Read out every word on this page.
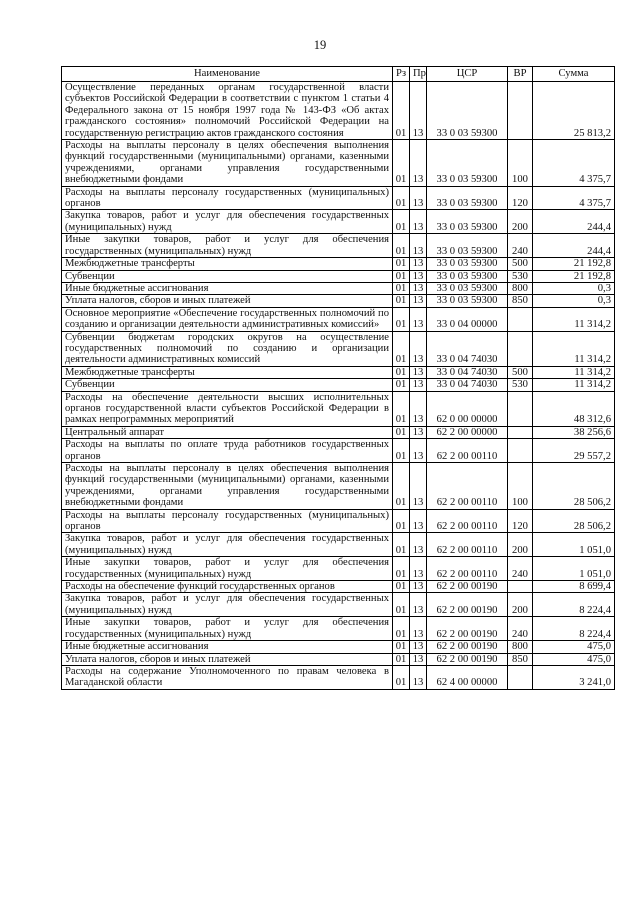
19
Наименование	Рз	Пр	ЦСР	ВР	Сумма
Осуществление переданных органам государственной власти субъектов Российской Федерации в соответствии с пунктом 1 статьи 4 Федерального закона от 15 ноября 1997 года № 143-ФЗ «Об актах гражданского состояния» полномочий Российской Федерации на государственную регистрацию актов гражданского состояния	01	13	33 0 03 59300		25 813,2
Расходы на выплаты персоналу в целях обеспечения выполнения функций государственными (муниципальными) органами, казенными учреждениями, органами управления государственными внебюджетными фондами	01	13	33 0 03 59300	100	4 375,7
Расходы на выплаты персоналу государственных (муниципальных) органов	01	13	33 0 03 59300	120	4 375,7
Закупка товаров, работ и услуг для обеспечения государственных (муниципальных) нужд	01	13	33 0 03 59300	200	244,4
Иные закупки товаров, работ и услуг для обеспечения государственных (муниципальных) нужд	01	13	33 0 03 59300	240	244,4
Межбюджетные трансферты	01	13	33 0 03 59300	500	21 192,8
Субвенции	01	13	33 0 03 59300	530	21 192,8
Иные бюджетные ассигнования	01	13	33 0 03 59300	800	0,3
Уплата налогов, сборов и иных платежей	01	13	33 0 03 59300	850	0,3
Основное мероприятие «Обеспечение государственных полномочий по созданию и организации деятельности административных комиссий»	01	13	33 0 04 00000		11 314,2
Субвенции бюджетам городских округов на осуществление государственных полномочий по созданию и организации деятельности административных комиссий	01	13	33 0 04 74030		11 314,2
Межбюджетные трансферты	01	13	33 0 04 74030	500	11 314,2
Субвенции	01	13	33 0 04 74030	530	11 314,2
Расходы на обеспечение деятельности высших исполнительных органов государственной власти субъектов Российской Федерации в рамках непрограммных мероприятий	01	13	62 0 00 00000		48 312,6
Центральный аппарат	01	13	62 2 00 00000		38 256,6
Расходы на выплаты по оплате труда работников государственных органов	01	13	62 2 00 00110		29 557,2
Расходы на выплаты персоналу в целях обеспечения выполнения функций государственными (муниципальными) органами, казенными учреждениями, органами управления государственными внебюджетными фондами	01	13	62 2 00 00110	100	28 506,2
Расходы на выплаты персоналу государственных (муниципальных) органов	01	13	62 2 00 00110	120	28 506,2
Закупка товаров, работ и услуг для обеспечения государственных (муниципальных) нужд	01	13	62 2 00 00110	200	1 051,0
Иные закупки товаров, работ и услуг для обеспечения государственных (муниципальных) нужд	01	13	62 2 00 00110	240	1 051,0
Расходы на обеспечение функций государственных органов	01	13	62 2 00 00190		8 699,4
Закупка товаров, работ и услуг для обеспечения государственных (муниципальных) нужд	01	13	62 2 00 00190	200	8 224,4
Иные закупки товаров, работ и услуг для обеспечения государственных (муниципальных) нужд	01	13	62 2 00 00190	240	8 224,4
Иные бюджетные ассигнования	01	13	62 2 00 00190	800	475,0
Уплата налогов, сборов и иных платежей	01	13	62 2 00 00190	850	475,0
Расходы на содержание Уполномоченного по правам человека в Магаданской области	01	13	62 4 00 00000		3 241,0
